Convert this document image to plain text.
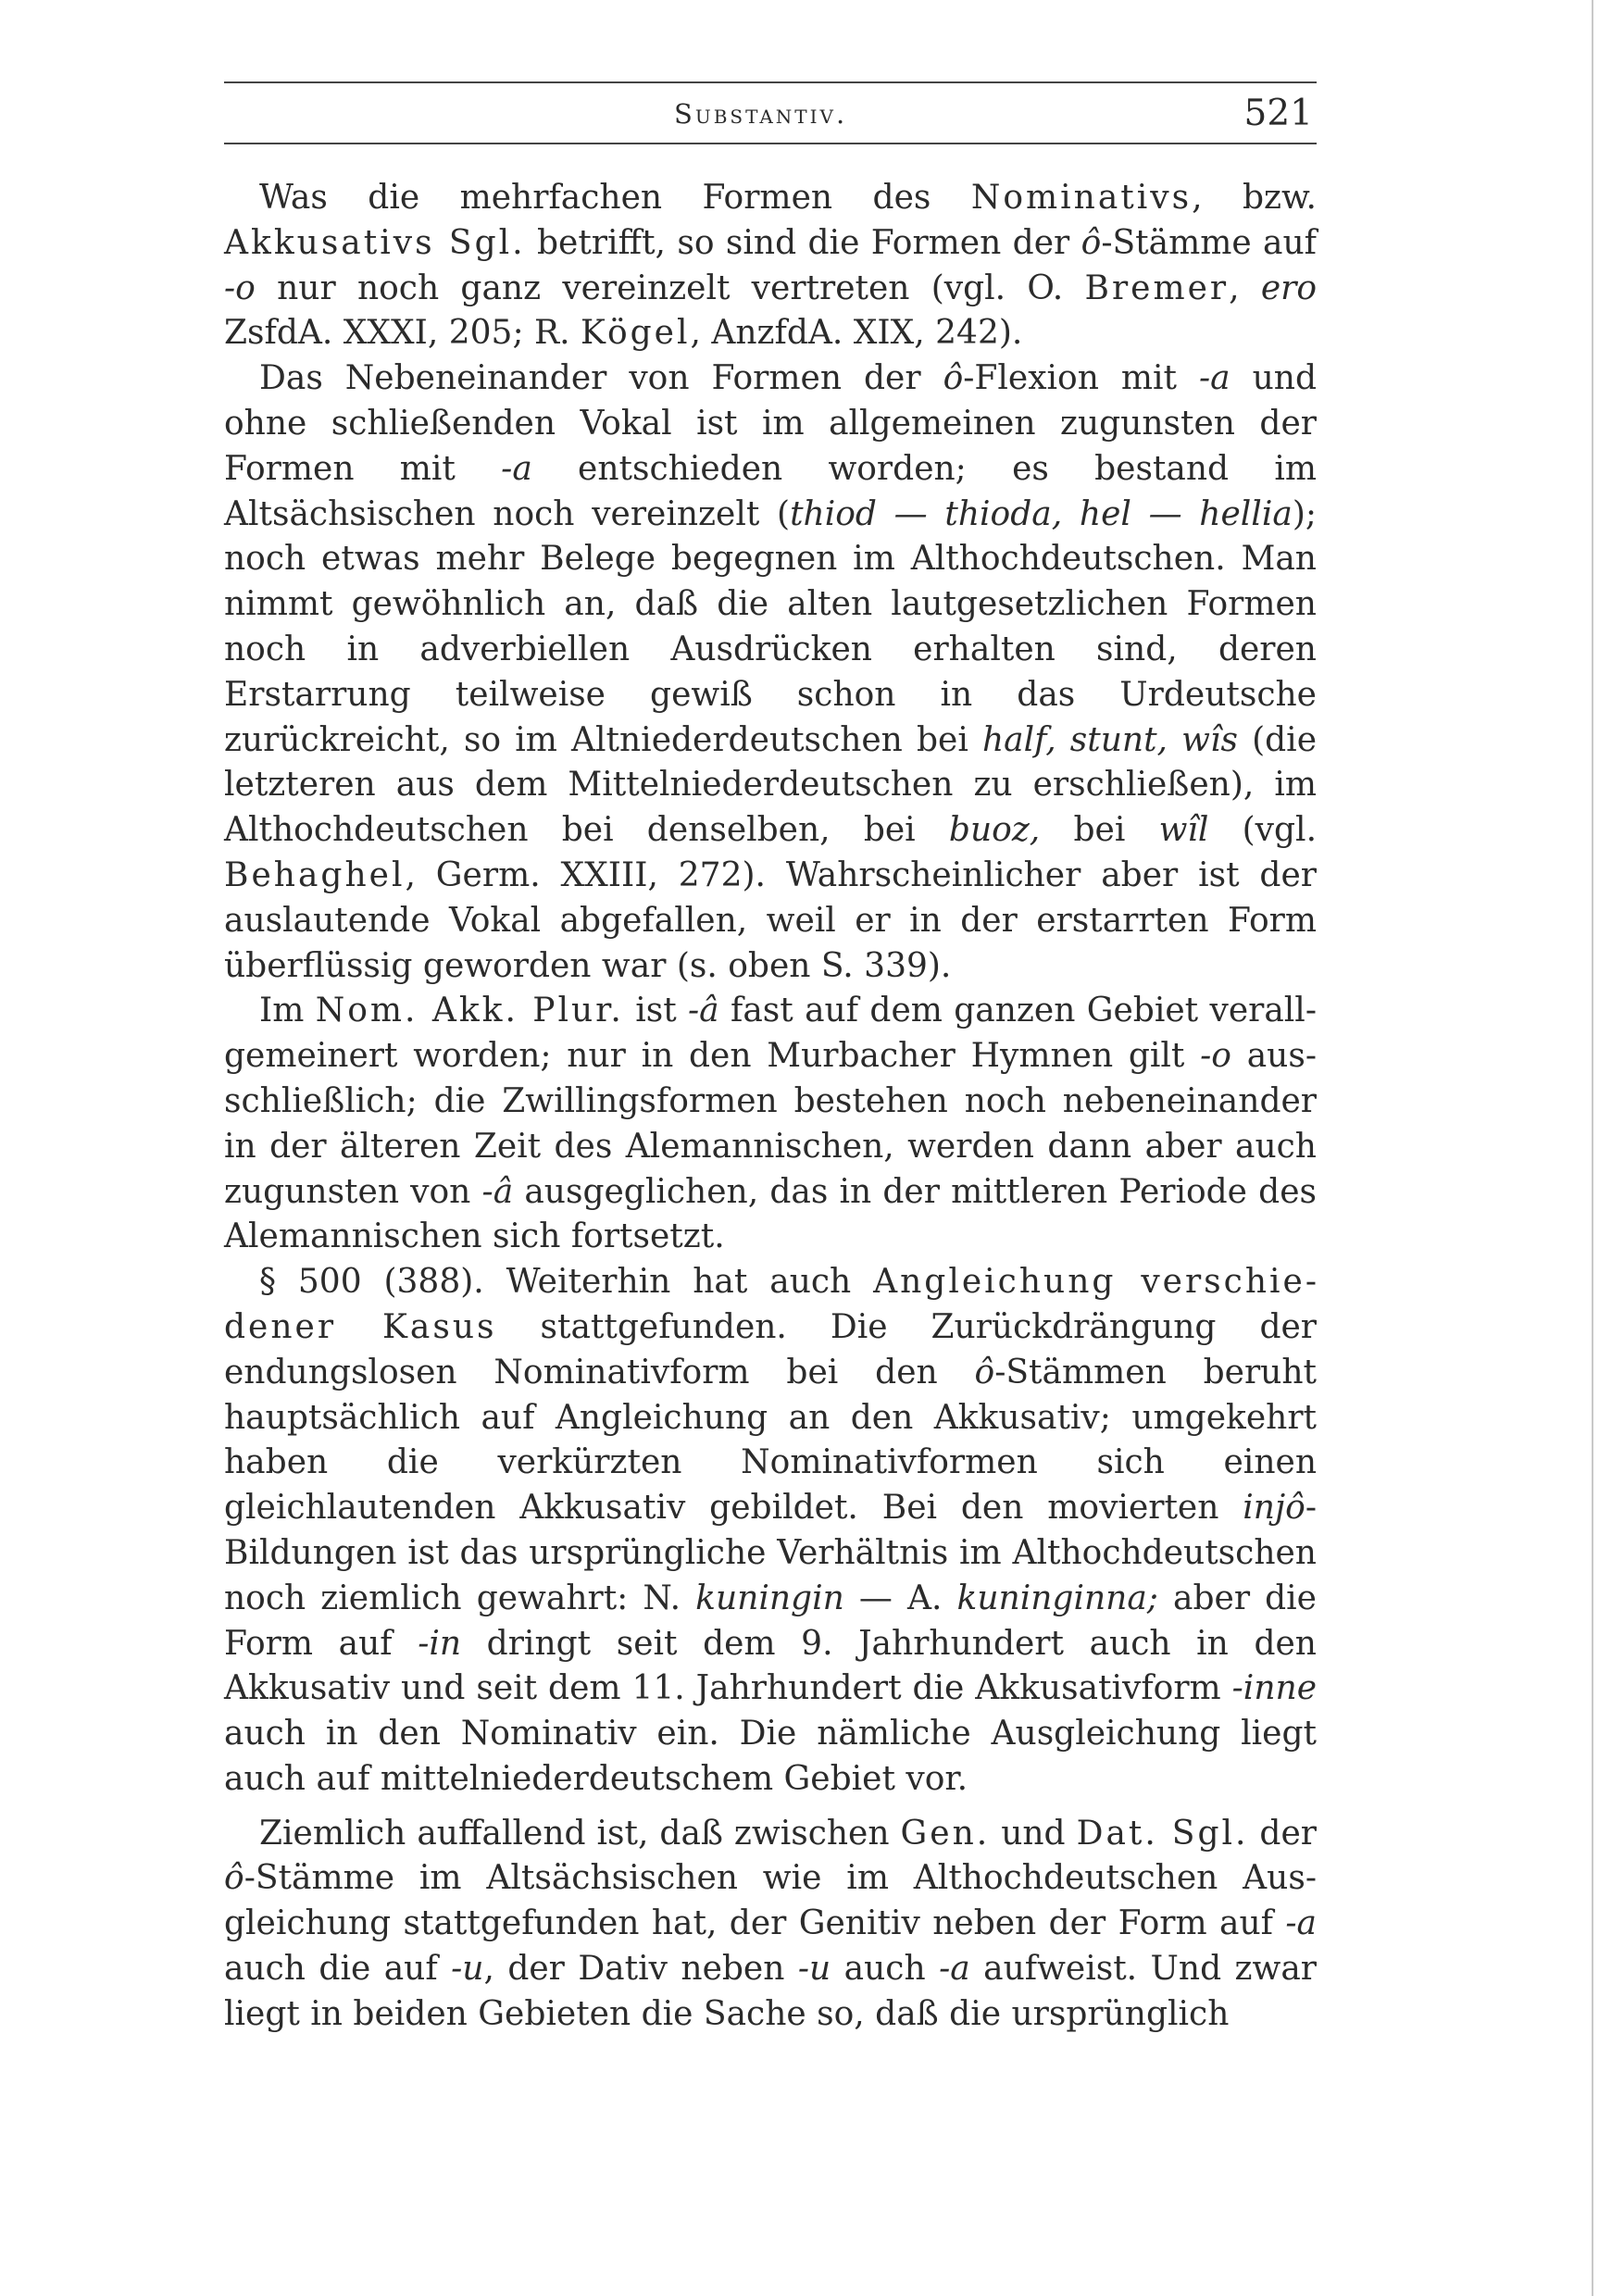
Substantiv.	521

Was die mehrfachen Formen des Nominativs, bzw. Akkusativs Sgl. betrifft, so sind die Formen der ô-Stämme auf -o nur noch ganz vereinzelt vertreten (vgl. O. Bremer, ero ZsfdA. XXXI, 205; R. Kögel, AnzfdA. XIX, 242).

Das Nebeneinander von Formen der ô-Flexion mit -a und ohne schließenden Vokal ist im allgemeinen zugunsten der Formen mit -a entschieden worden; es bestand im Altsächsischen noch vereinzelt (thiod — thioda, hel — hellia); noch etwas mehr Belege begegnen im Althochdeutschen. Man nimmt gewöhnlich an, daß die alten lautgesetzlichen Formen noch in adverbiellen Ausdrücken erhalten sind, deren Erstarrung teilweise gewiß schon in das Urdeutsche zurückreicht, so im Altniederdeutschen bei half, stunt, wîs (die letzteren aus dem Mittelniederdeutschen zu erschließen), im Althochdeutschen bei denselben, bei buoz, bei wîl (vgl. Behaghel, Germ. XXIII, 272). Wahrscheinlicher aber ist der auslautende Vokal abgefallen, weil er in der erstarrten Form überflüssig geworden war (s. oben S. 339).

Im Nom. Akk. Plur. ist -â fast auf dem ganzen Gebiet verallgemeinert worden; nur in den Murbacher Hymnen gilt -o ausschließlich; die Zwillingsformen bestehen noch nebeneinander in der älteren Zeit des Alemannischen, werden dann aber auch zugunsten von -â ausgeglichen, das in der mittleren Periode des Alemannischen sich fortsetzt.

§ 500 (388). Weiterhin hat auch Angleichung verschiedener Kasus stattgefunden. Die Zurückdrängung der endungslosen Nominativform bei den ô-Stämmen beruht hauptsächlich auf Angleichung an den Akkusativ; umgekehrt haben die verkürzten Nominativformen sich einen gleichlautenden Akkusativ gebildet. Bei den movierten injô-Bildungen ist das ursprüngliche Verhältnis im Althochdeutschen noch ziemlich gewahrt: N. kuningin — A. kuninginna; aber die Form auf -in dringt seit dem 9. Jahrhundert auch in den Akkusativ und seit dem 11. Jahrhundert die Akkusativform -inne auch in den Nominativ ein. Die nämliche Ausgleichung liegt auch auf mittelniederdeutschem Gebiet vor.

Ziemlich auffallend ist, daß zwischen Gen. und Dat. Sgl. der ô-Stämme im Altsächsischen wie im Althochdeutschen Ausgleichung stattgefunden hat, der Genitiv neben der Form auf -a auch die auf -u, der Dativ neben -u auch -a aufweist. Und zwar liegt in beiden Gebieten die Sache so, daß die ursprünglich
